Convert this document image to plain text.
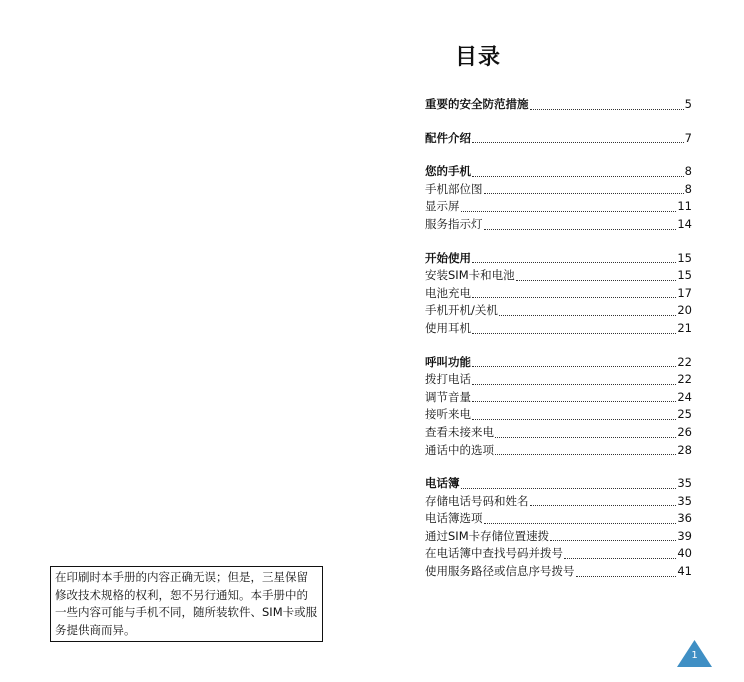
目录
重要的安全防范措施	5
配件介绍	7
您的手机	8
手机部位图	8
显示屏	11
服务指示灯	14
开始使用	15
安装SIM卡和电池	15
电池充电	17
手机开机/关机	20
使用耳机	21
呼叫功能	22
拨打电话	22
调节音量	24
接听来电	25
查看未接来电	26
通话中的选项	28
电话簿	35
存储电话号码和姓名	35
电话簿选项	36
通过SIM卡存储位置速拨	39
在电话簿中查找号码并拨号	40
使用服务路径或信息序号拨号	41
在印刷时本手册的内容正确无误；但是，三星保留修改技术规格的权利，恕不另行通知。本手册中的一些内容可能与手机不同，随所装软件、SIM卡或服务提供商而异。
1
